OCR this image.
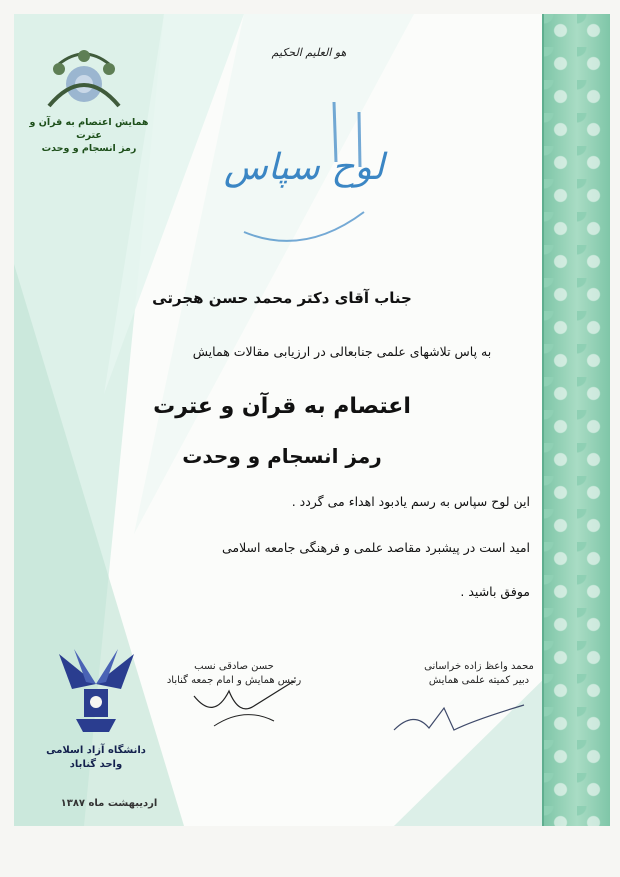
همایش اعتصام به قرآن و عترت
رمز انسجام و وحدت
هو العلیم الحکیم
لوح سپاس
جناب آقای دکتر محمد حسن هجرتی
به پاس تلاشهای علمی جنابعالی در ارزیابی مقالات همایش
اعتصام به قرآن و عترت
رمز انسجام و وحدت
این لوح سپاس به رسم یادبود اهداء می گردد .
امید است در پیشبرد مقاصد علمی و فرهنگی جامعه اسلامی
موفق باشید .
حسن صادقی نسب
رئیس همایش و امام جمعه گناباد
محمد واعظ زاده خراسانی
دبیر کمیته علمی همایش
دانشگاه آزاد اسلامی
واحد گناباد
اردیبهشت ماه ۱۳۸۷
